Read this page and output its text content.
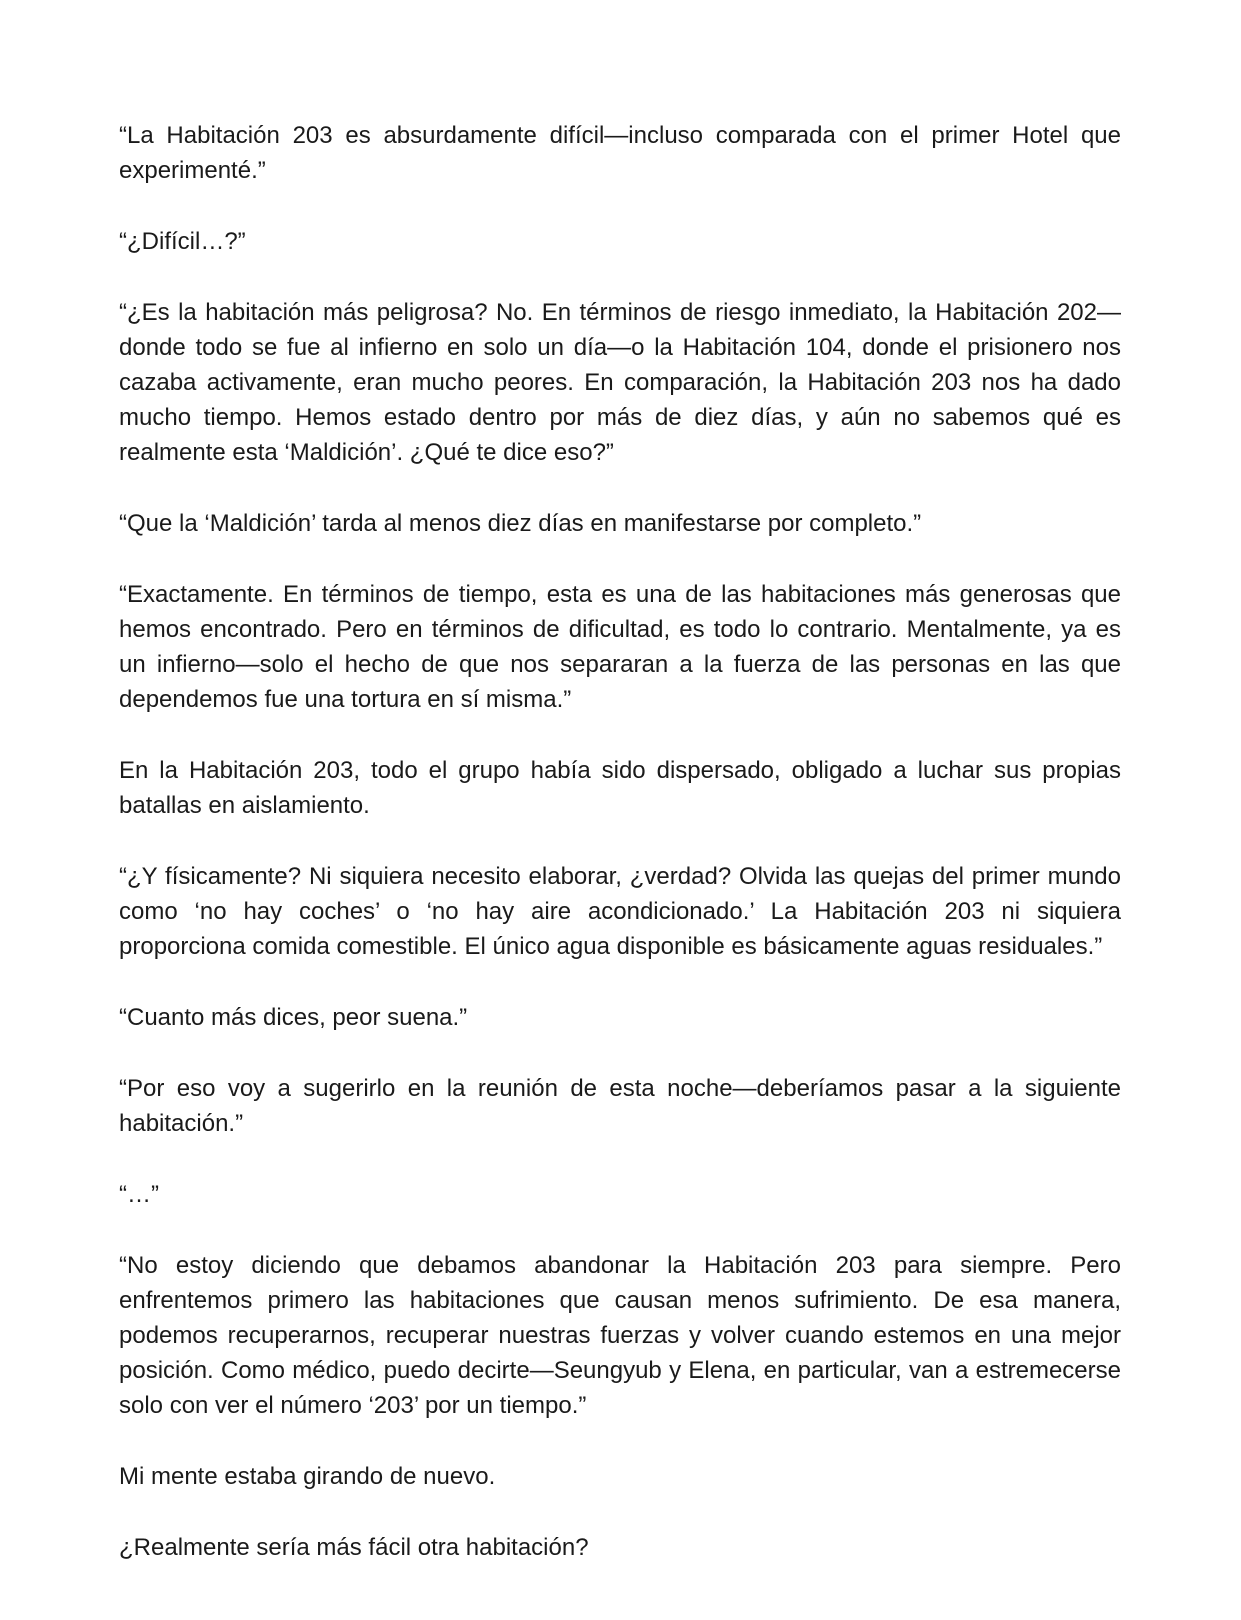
“La Habitación 203 es absurdamente difícil—incluso comparada con el primer Hotel que experimenté.”

“¿Difícil…?”

“¿Es la habitación más peligrosa? No. En términos de riesgo inmediato, la Habitación 202—donde todo se fue al infierno en solo un día—o la Habitación 104, donde el prisionero nos cazaba activamente, eran mucho peores. En comparación, la Habitación 203 nos ha dado mucho tiempo. Hemos estado dentro por más de diez días, y aún no sabemos qué es realmente esta ‘Maldición’. ¿Qué te dice eso?”

“Que la ‘Maldición’ tarda al menos diez días en manifestarse por completo.”

“Exactamente. En términos de tiempo, esta es una de las habitaciones más generosas que hemos encontrado. Pero en términos de dificultad, es todo lo contrario. Mentalmente, ya es un infierno—solo el hecho de que nos separaran a la fuerza de las personas en las que dependemos fue una tortura en sí misma.”

En la Habitación 203, todo el grupo había sido dispersado, obligado a luchar sus propias batallas en aislamiento.

“¿Y físicamente? Ni siquiera necesito elaborar, ¿verdad? Olvida las quejas del primer mundo como ‘no hay coches’ o ‘no hay aire acondicionado.’ La Habitación 203 ni siquiera proporciona comida comestible. El único agua disponible es básicamente aguas residuales.”

“Cuanto más dices, peor suena.”

“Por eso voy a sugerirlo en la reunión de esta noche—deberíamos pasar a la siguiente habitación.”

“…”

“No estoy diciendo que debamos abandonar la Habitación 203 para siempre. Pero enfrentemos primero las habitaciones que causan menos sufrimiento. De esa manera, podemos recuperarnos, recuperar nuestras fuerzas y volver cuando estemos en una mejor posición. Como médico, puedo decirte—Seungyub y Elena, en particular, van a estremecerse solo con ver el número ‘203’ por un tiempo.”

Mi mente estaba girando de nuevo.

¿Realmente sería más fácil otra habitación?
